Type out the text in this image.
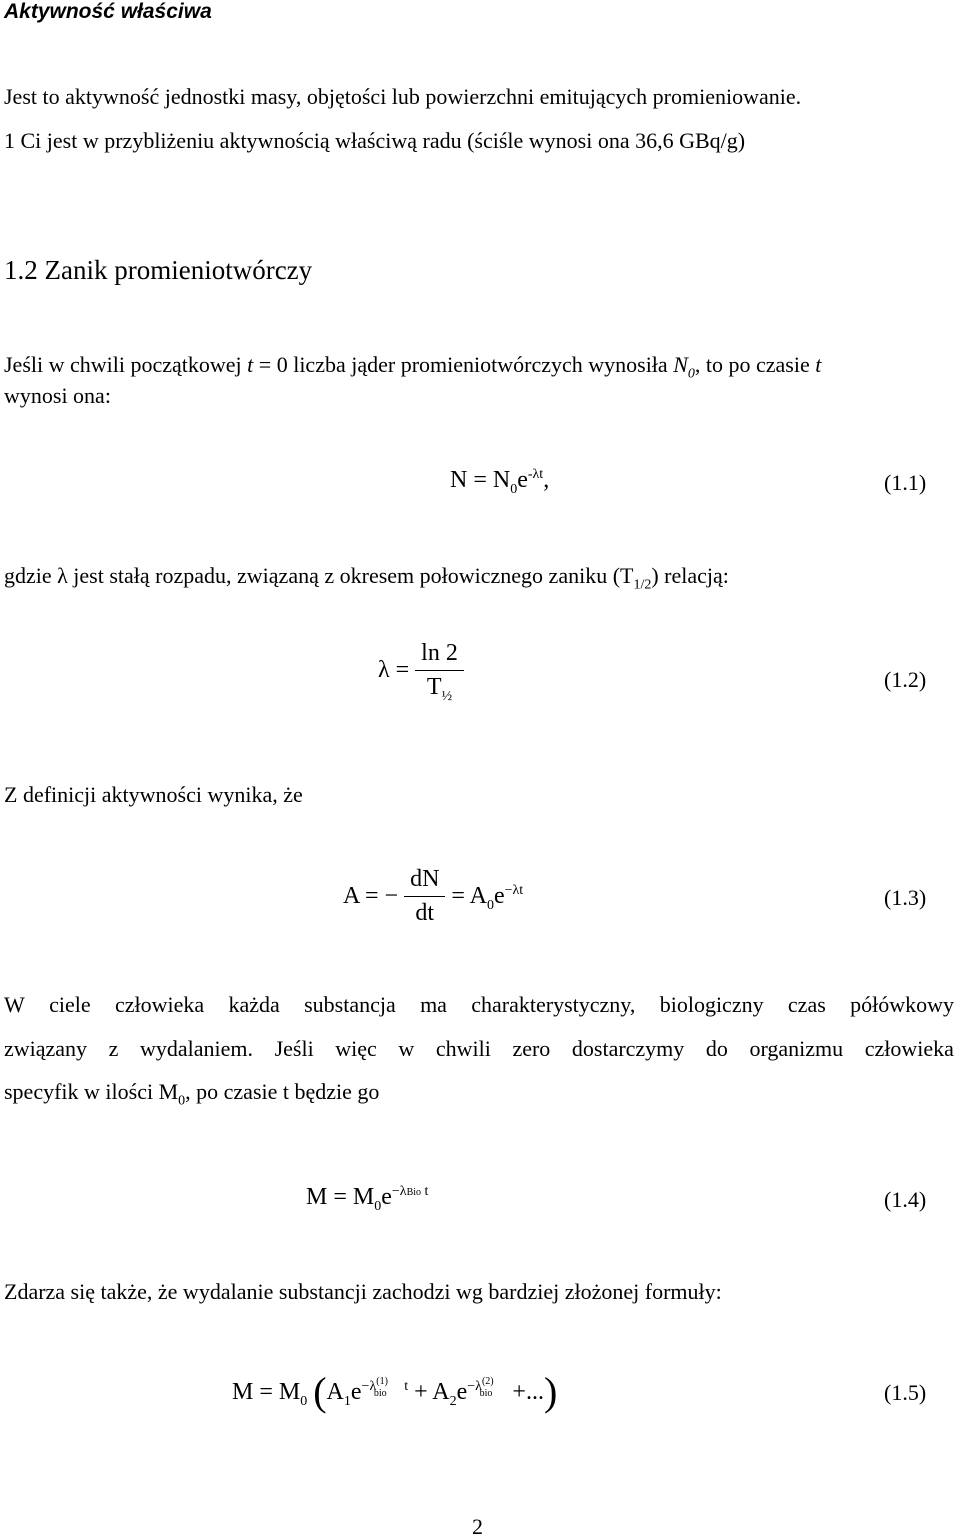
Aktywność właściwa
Jest to aktywność jednostki masy, objętości lub powierzchni emitujących promieniowanie.
1 Ci jest w przybliżeniu aktywnością właściwą radu (ściśle wynosi ona 36,6 GBq/g)
1.2 Zanik promieniotwórczy
Jeśli w chwili początkowej t = 0 liczba jąder promieniotwórczych wynosiła $N_0$, to po czasie t
wynosi ona:
$N = N_0e^{-\lambda t}$,	(1.1)
gdzie λ jest stałą rozpadu, związaną z okresem połowicznego zaniku $(T_{1/2})$ relacją:
$\lambda = \frac{\ln 2}{T_{\frac{1}{2}}}$	(1.2)
Z definicji aktywności wynika, że
A = − $\frac{dN}{dt} = A_0e^{-\lambda t}$	(1.3)
W ciele człowieka każda substancja ma charakterystyczny, biologiczny czas półówkowy
związany z wydalaniem. Jeśli więc w chwili zero dostarczymy do organizmu człowieka
specyfik w ilości $M_0$, po czasie t będzie go
$M = M_0e^{-\lambda Bio t}$	(1.4)
Zdarza się także, że wydalanie substancji zachodzi wg bardziej złożonej formuły:
$M = M_0$ ($A_1e^{-\lambda^{(1)}_{bio} t} + A_2e^{-\lambda^{(2)}_{bio}}$ +...)	(1.5)
2
